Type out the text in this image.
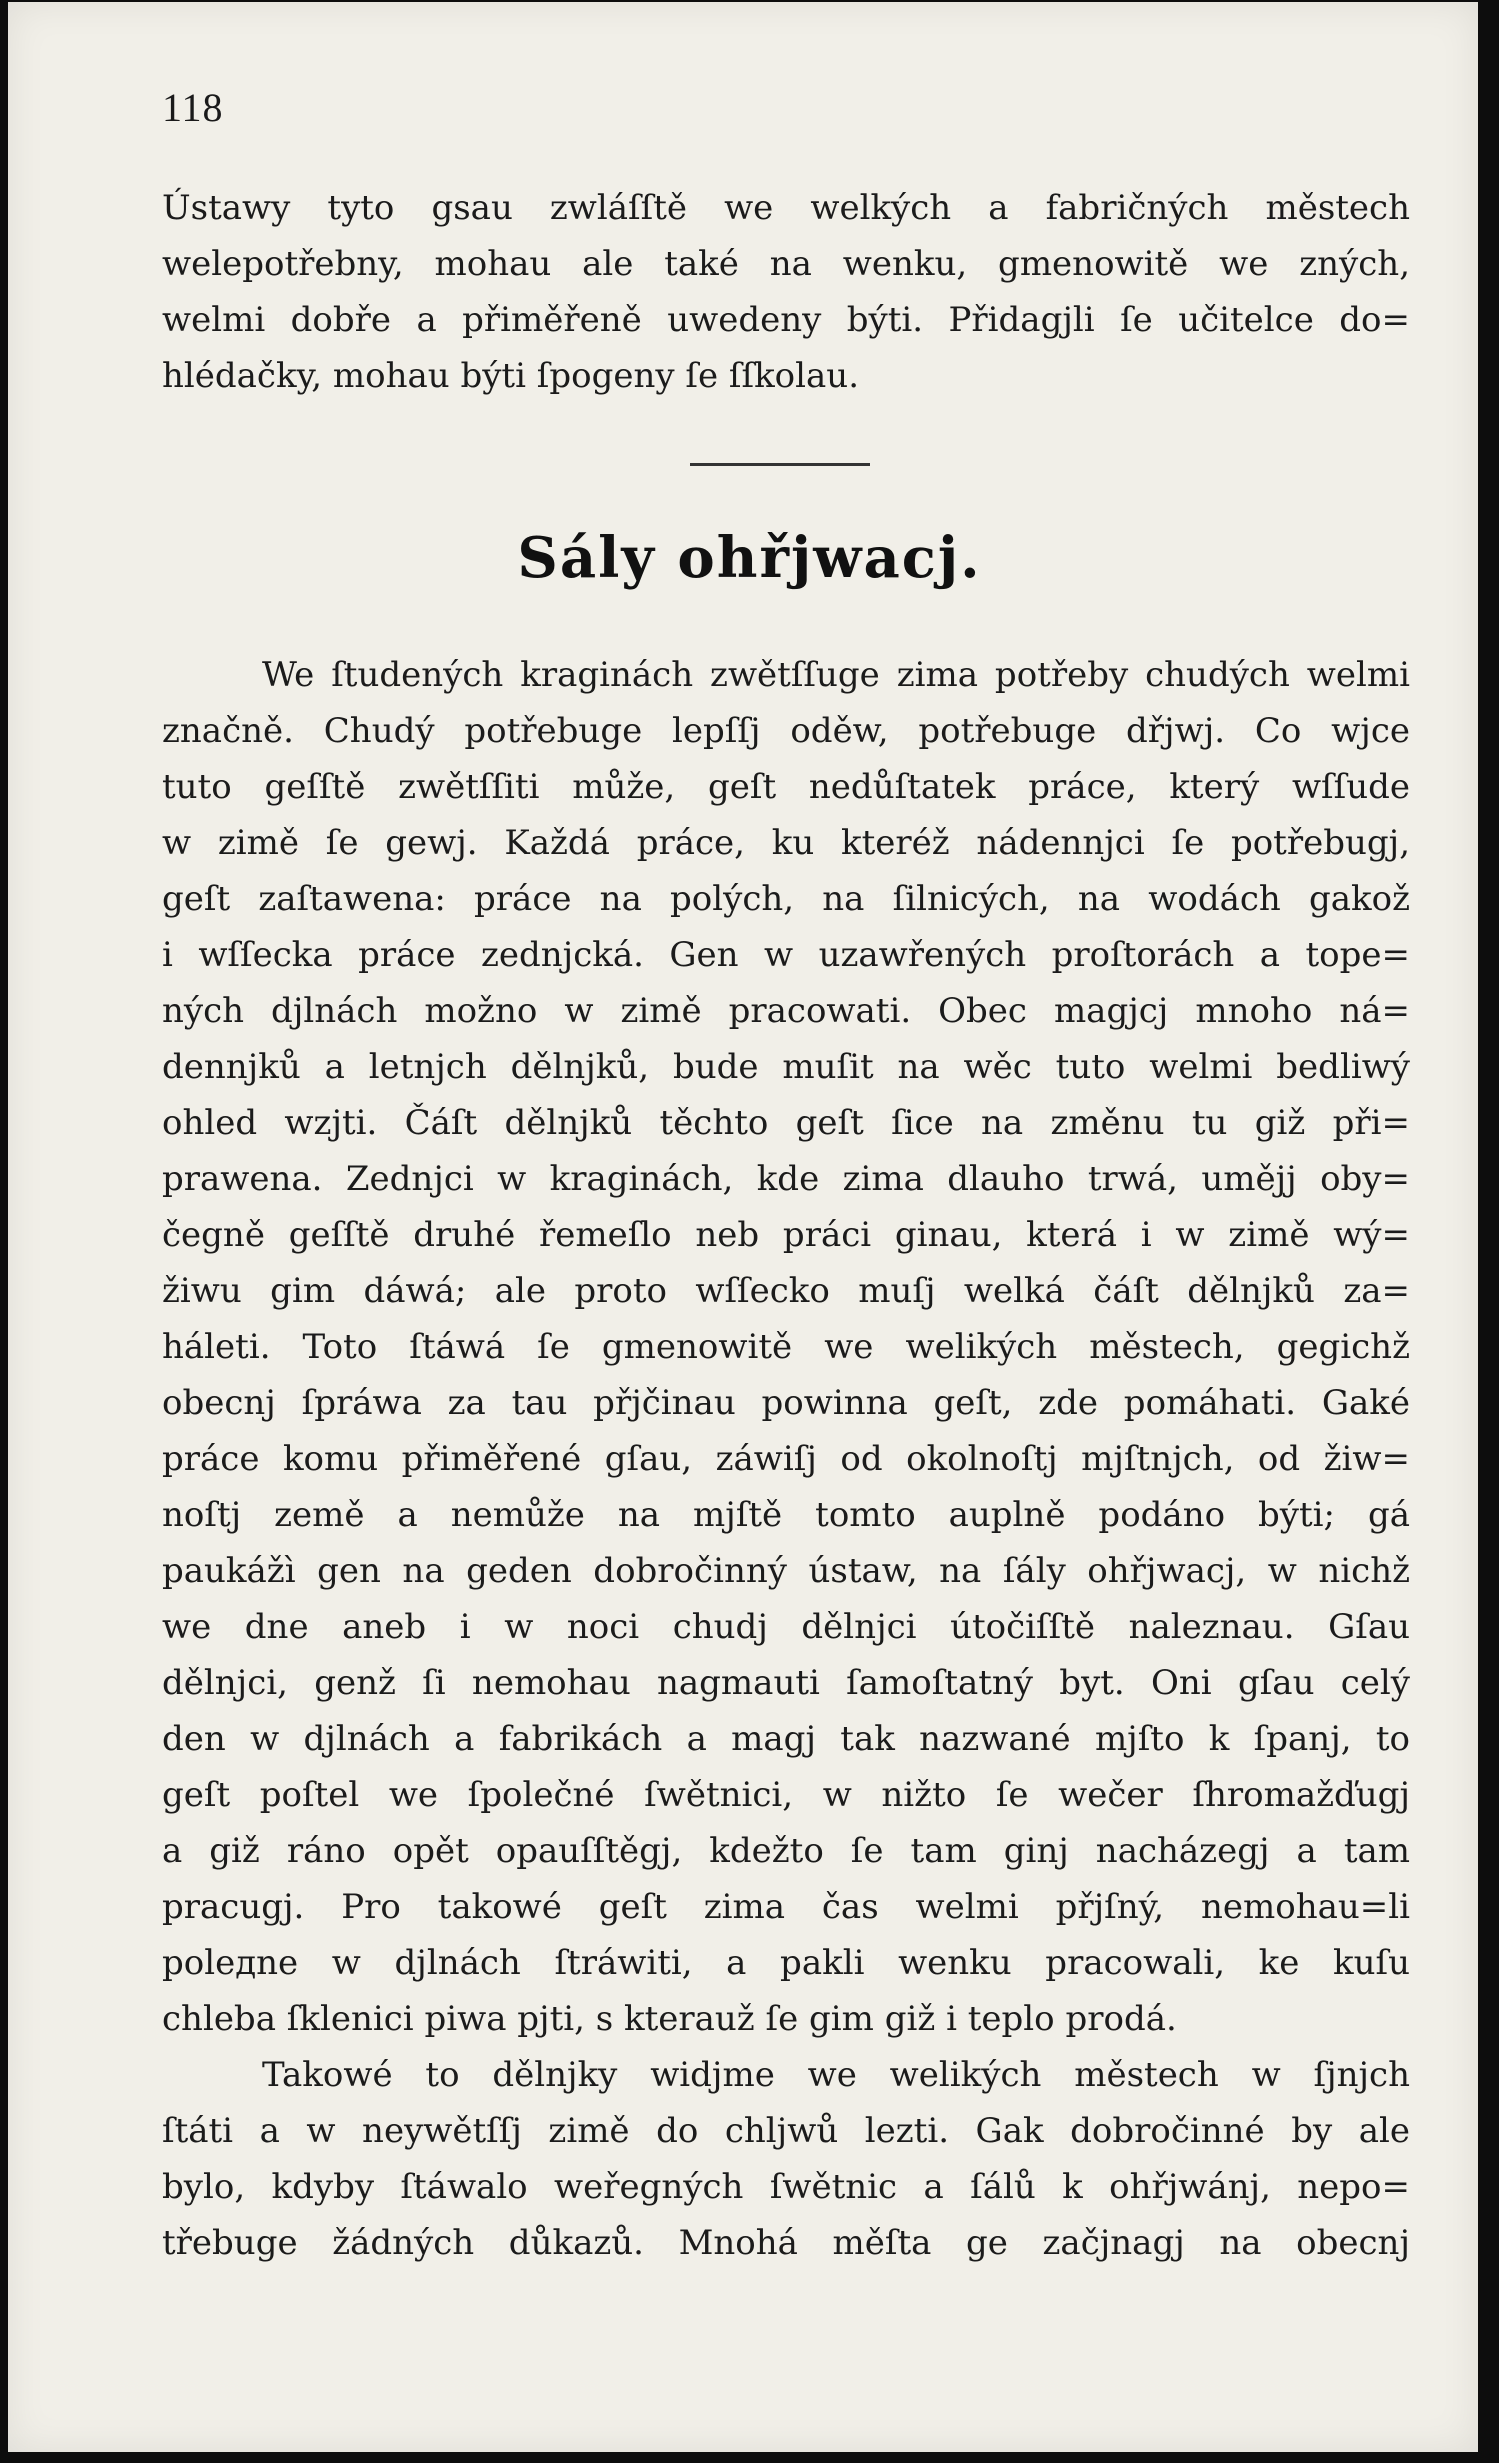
118
Ústawy tyto gsau zwláſſtě we welkých a fabričných městech
welepotřebny, mohau ale také na wenku, gmenowitě we zných,
welmi dobře a přiměřeně uwedeny býti. Přidagjli ſe učitelce do=
hlédačky, mohau býti ſpogeny ſe ſſkolau.
Sály ohřjwacj.
We ſtudených kraginách zwětſſuge zima potřeby chudých welmi
značně. Chudý potřebuge lepſſj oděw, potřebuge dřjwj. Co wjce
tuto geſſtě zwětſſiti může, geſt nedůſtatek práce, který wſſude
w zimě ſe gewj. Každá práce, ku kteréž nádennjci ſe potřebugj,
geſt zaſtawena: práce na polých, na ſilnicých, na wodách gakož
i wſſecka práce zednjcká. Gen w uzawřených proſtorách a tope=
ných djlnách možno w zimě pracowati. Obec magjcj mnoho ná=
dennjků a letnjch dělnjků, bude muſit na wěc tuto welmi bedliwý
ohled wzjti. Čáſt dělnjků těchto geſt ſice na změnu tu giž při=
prawena. Zednjci w kraginách, kde zima dlauho trwá, umějj oby=
čegně geſſtě druhé řemeſlo neb práci ginau, která i w zimě wý=
žiwu gim dáwá; ale proto wſſecko muſj welká čáſt dělnjků za=
háleti. Toto ſtáwá ſe gmenowitě we welikých městech, gegichž
obecnj ſpráwa za tau přjčinau powinna geſt, zde pomáhati. Gaké
práce komu přiměřené gſau, záwiſj od okolnoſtj mjſtnjch, od žiw=
noſtj země a nemůže na mjſtě tomto auplně podáno býti; gá
paukážì gen na geden dobročinný ústaw, na ſály ohřjwacj, w nichž
we dne aneb i w noci chudj dělnjci útočiſſtě naleznau. Gſau
dělnjci, genž ſi nemohau nagmauti ſamoſtatný byt. Oni gſau celý
den w djlnách a fabrikách a magj tak nazwané mjſto k ſpanj, to
geſt poſtel we ſpolečné ſwětnici, w nižto ſe wečer ſhromažďugj
a giž ráno opět opauſſtěgj, kdežto ſe tam ginj nacházegj a tam
pracugj. Pro takowé geſt zima čas welmi přjſný, nemohau=li
polедne w djlnách ſtráwiti, a pakli wenku pracowali, ke kuſu
chleba ſklenici piwa pjti, s kterauž ſe gim giž i teplo prodá.
Takowé to dělnjky widjme we welikých městech w ſjnjch
ſtáti a w neywětſſj zimě do chljwů lezti. Gak dobročinné by ale
bylo, kdyby ſtáwalo weřegných ſwětnic a ſálů k ohřjwánj, nepo=
třebuge žádných důkazů. Mnohá měſta ge začjnagj na obecnj
